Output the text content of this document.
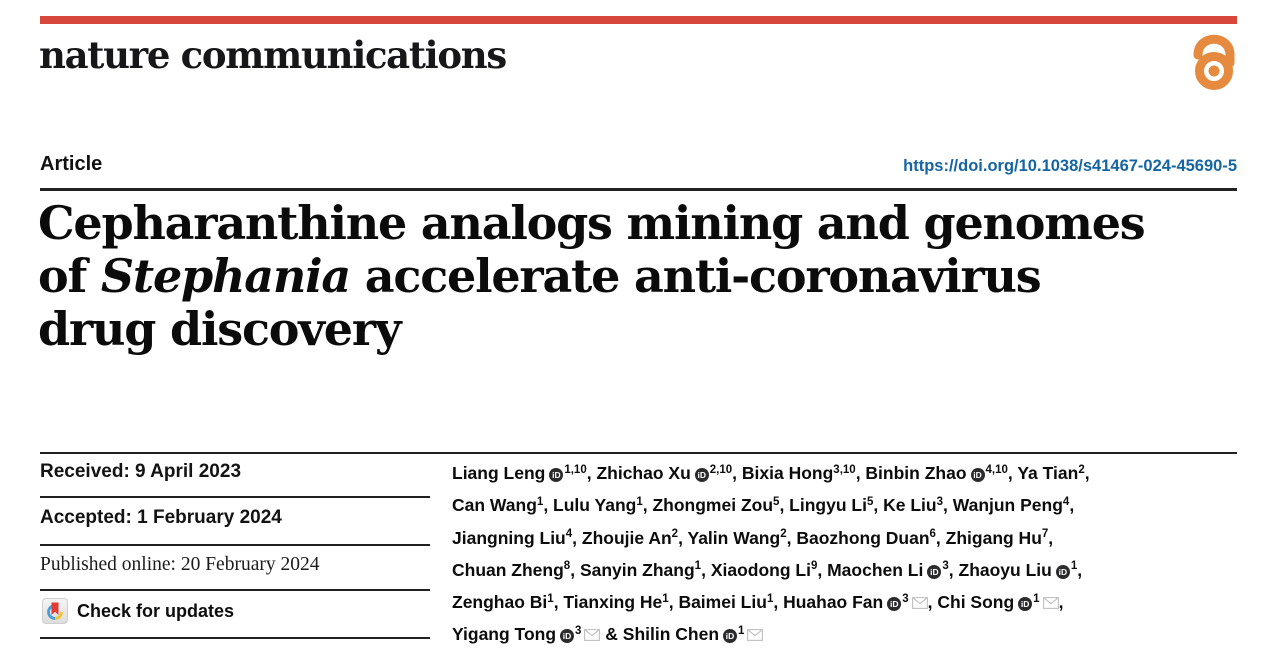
nature communications
Article	https://doi.org/10.1038/s41467-024-45690-5
Cepharanthine analogs mining and genomes
of Stephania accelerate anti-coronavirus
drug discovery
Received: 9 April 2023
Accepted: 1 February 2024
Published online: 20 February 2024
Check for updates
Liang Leng iD $^{1,10}$, Zhichao Xu iD $^{2,10}$, Bixia Hong$^{3,10}$, Binbin Zhao iD $^{4,10}$, Ya Tian$^2$,
Can Wang$^1$, Lulu Yang$^1$, Zhongmei Zou$^5$, Lingyu Li$^5$, Ke Liu$^3$, Wanjun Peng$^4$,
Jiangning Liu$^4$, Zhoujie An$^2$, Yalin Wang$^2$, Baozhong Duan$^6$, Zhigang Hu$^7$,
Chuan Zheng$^8$, Sanyin Zhang$^1$, Xiaodong Li$^9$, Maochen Li iD $^3$, Zhaoyu Liu iD $^1$,
Zenghao Bi$^1$, Tianxing He$^1$, Baimei Liu$^1$, Huahao Fan iD $^3$ , Chi Song iD $^1$ ,
Yigang Tong iD $^3$ & Shilin Chen iD $^1$
